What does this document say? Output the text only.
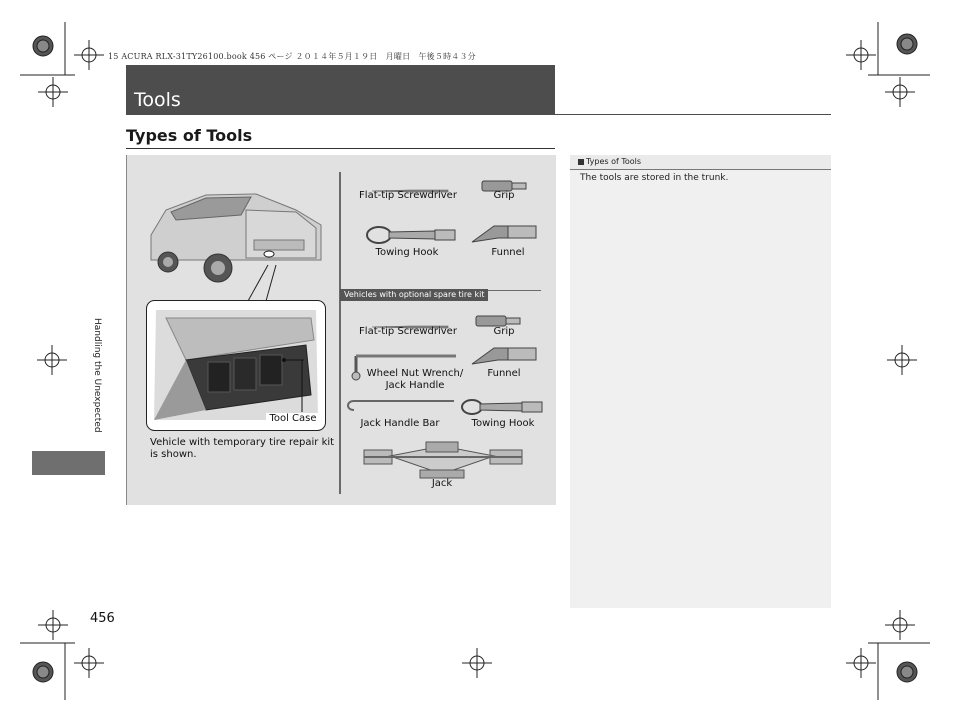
15 ACURA RLX-31TY26100.book 456 ページ ２０１４年５月１９日　月曜日　午後５時４３分
Tools
Types of Tools
Tool Case
Vehicle with temporary tire repair kit is shown.
Flat-tip Screwdriver	Grip
Towing Hook	Funnel
Vehicles with optional spare tire kit
Flat-tip Screwdriver	Grip
Wheel Nut Wrench/
Jack Handle
Funnel
Jack Handle Bar	Towing Hook
Jack
Types of Tools
The tools are stored in the trunk.
Handling the Unexpected
456
